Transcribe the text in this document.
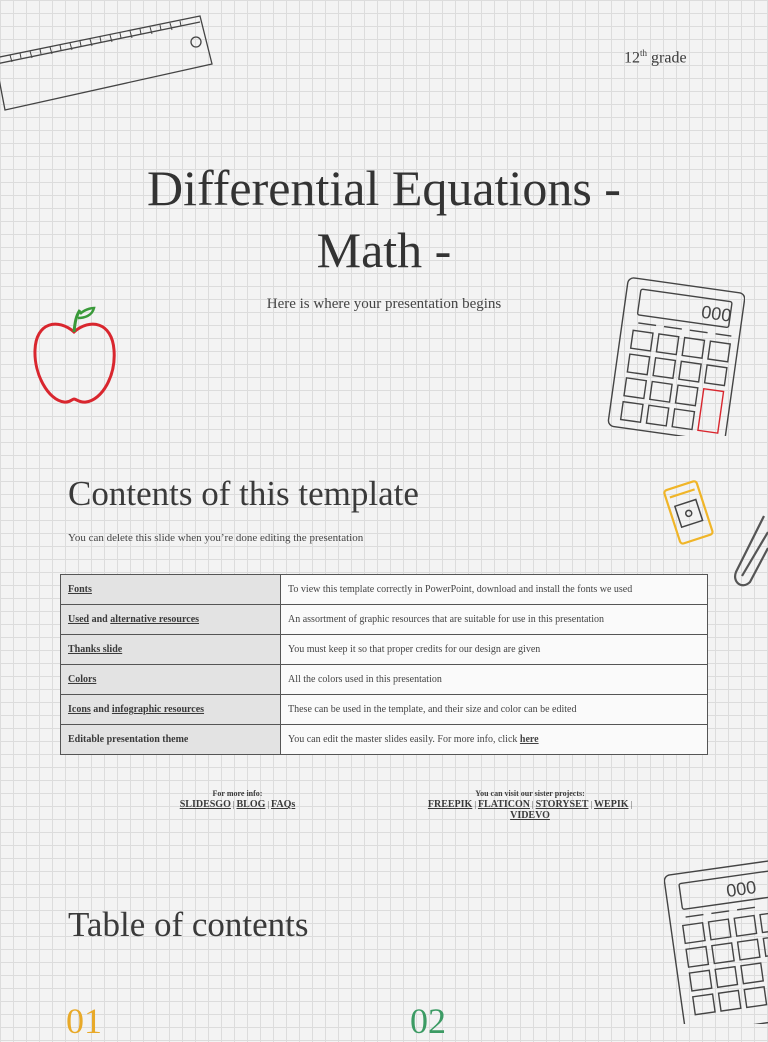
12th grade
Differential Equations -
Math -
Here is where your presentation begins	000
Contents of this template
You can delete this slide when you’re done editing the presentation
Fonts	To view this template correctly in PowerPoint, download and install the fonts we used
Used and alternative resources	An assortment of graphic resources that are suitable for use in this presentation
Thanks slide	You must keep it so that proper credits for our design are given
Colors	All the colors used in this presentation
Icons and infographic resources	These can be used in the template, and their size and color can be edited
Editable presentation theme	You can edit the master slides easily. For more info, click here
For more info:
SLIDESGO | BLOG | FAQs
You can visit our sister projects:
FREEPIK | FLATICON | STORYSET | WEPIK |
VIDEVO
000
Table of contents
01	02
